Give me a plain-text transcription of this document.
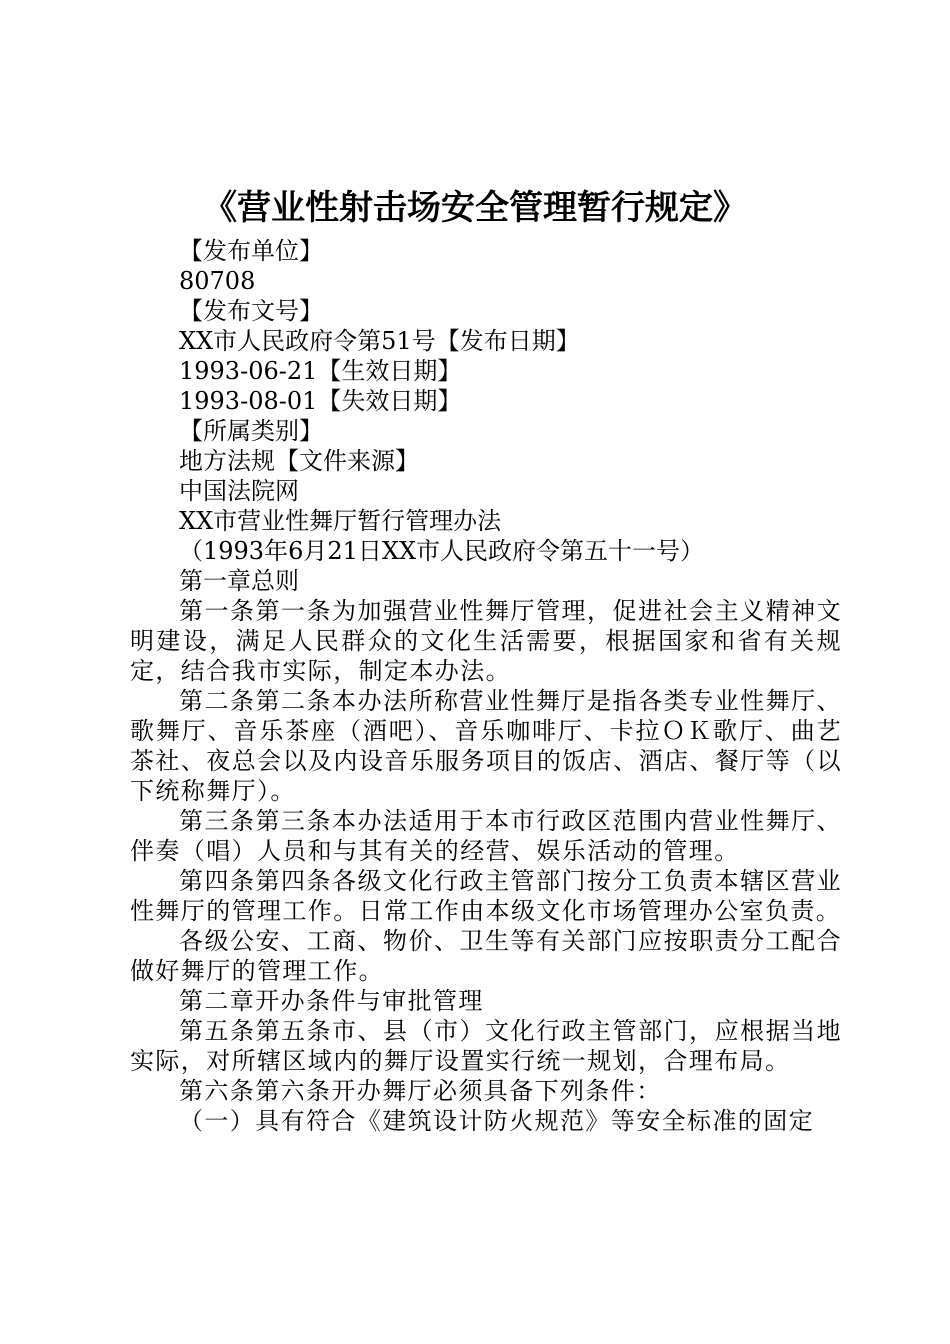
《营业性射击场安全管理暂行规定》

【发布单位】

80708

【发布文号】

XX市人民政府令第51号【发布日期】

1993-06-21【生效日期】

1993-08-01【失效日期】

【所属类别】

地方法规【文件来源】

中国法院网

XX市营业性舞厅暂行管理办法

（1993年6月21日XX市人民政府令第五十一号）

第一章总则

第一条第一条为加强营业性舞厅管理，促进社会主义精神文明建设，满足人民群众的文化生活需要，根据国家和省有关规定，结合我市实际，制定本办法。

第二条第二条本办法所称营业性舞厅是指各类专业性舞厅、歌舞厅、音乐茶座（酒吧）、音乐咖啡厅、卡拉ＯＫ歌厅、曲艺茶社、夜总会以及内设音乐服务项目的饭店、酒店、餐厅等（以下统称舞厅）。

第三条第三条本办法适用于本市行政区范围内营业性舞厅、伴奏（唱）人员和与其有关的经营、娱乐活动的管理。

第四条第四条各级文化行政主管部门按分工负责本辖区营业性舞厅的管理工作。日常工作由本级文化市场管理办公室负责。

各级公安、工商、物价、卫生等有关部门应按职责分工配合做好舞厅的管理工作。

第二章开办条件与审批管理

第五条第五条市、县（市）文化行政主管部门，应根据当地实际，对所辖区域内的舞厅设置实行统一规划，合理布局。

第六条第六条开办舞厅必须具备下列条件：

（一）具有符合《建筑设计防火规范》等安全标准的固定
